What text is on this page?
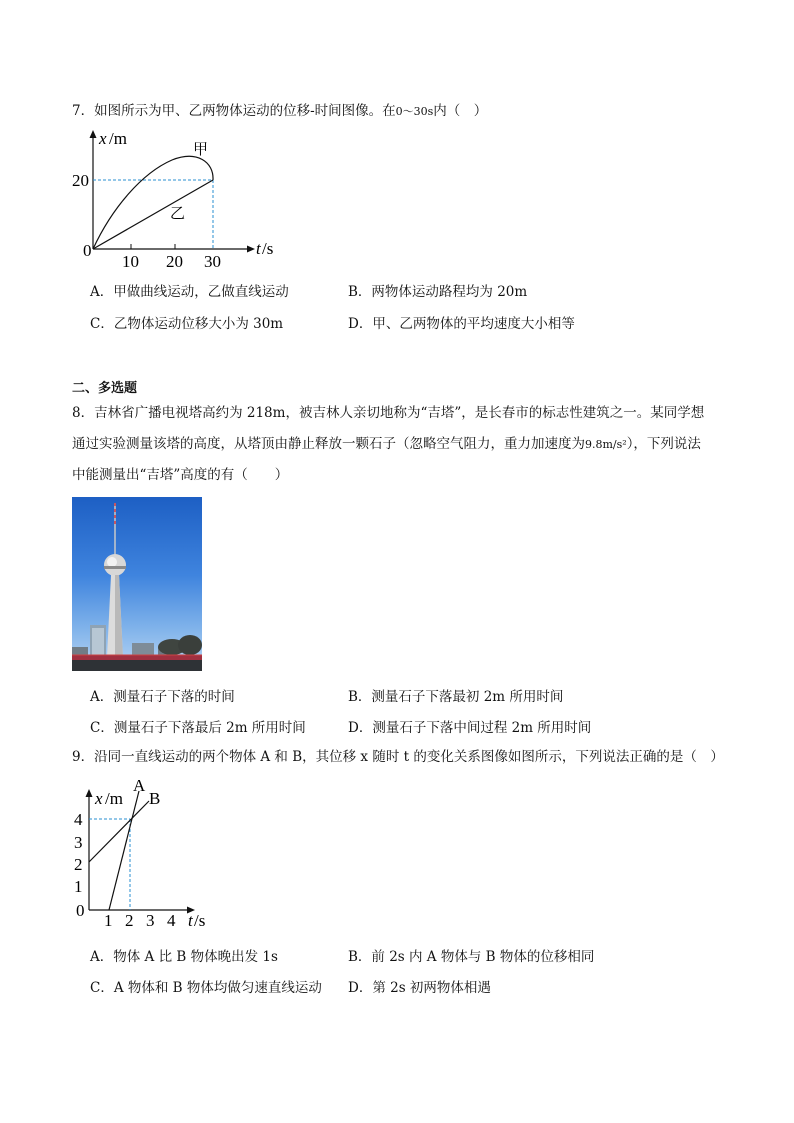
7．如图所示为甲、乙两物体运动的位移-时间图像。在0～30s内（　）
x /m
20
0
10 20 30
t /s
甲
乙
A．甲做曲线运动，乙做直线运动	B．两物体运动路程均为 20m
C．乙物体运动位移大小为 30m	D．甲、乙两物体的平均速度大小相等
二、多选题
8．吉林省广播电视塔高约为 218m，被吉林人亲切地称为“吉塔”，是长春市的标志性建筑之一。某同学想
通过实验测量该塔的高度，从塔顶由静止释放一颗石子（忽略空气阻力，重力加速度为9.8m/s²），下列说法
中能测量出“吉塔”高度的有（　　）
A．测量石子下落的时间	B．测量石子下落最初 2m 所用时间
C．测量石子下落最后 2m 所用时间	D．测量石子下落中间过程 2m 所用时间
9．沿同一直线运动的两个物体 A 和 B，其位移 x 随时 t 的变化关系图像如图所示，下列说法正确的是（　）
x /m
A
B
4
3
2
1
0
1 2 3 4 t /s
A．物体 A 比 B 物体晚出发 1s	B．前 2s 内 A 物体与 B 物体的位移相同
C．A 物体和 B 物体均做匀速直线运动 D．第 2s 初两物体相遇
